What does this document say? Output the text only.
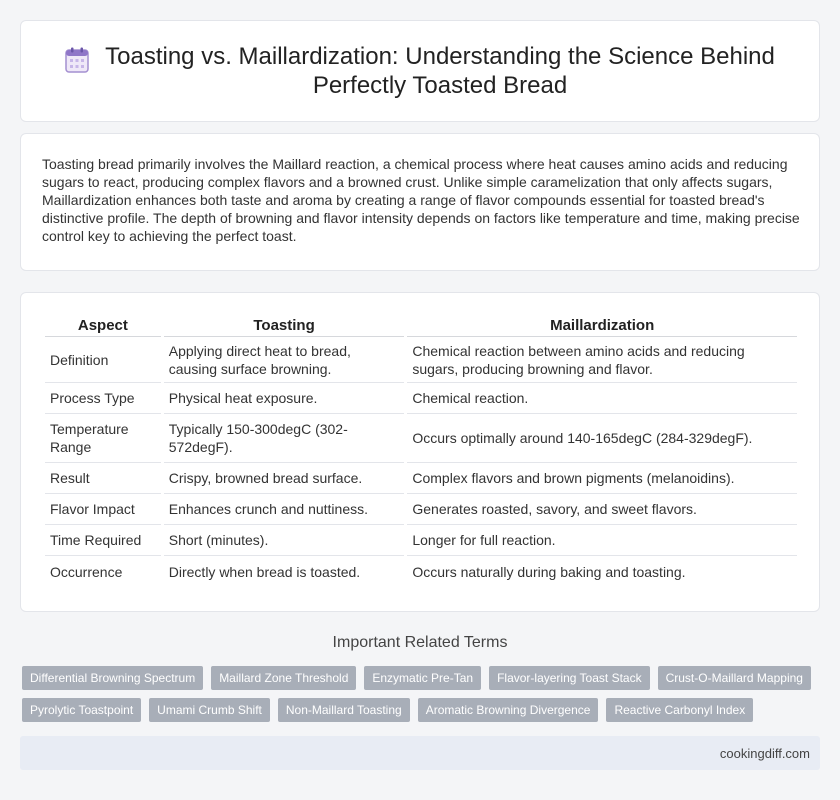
Toasting vs. Maillardization: Understanding the Science Behind Perfectly Toasted Bread

Toasting bread primarily involves the Maillard reaction, a chemical process where heat causes amino acids and reducing sugars to react, producing complex flavors and a browned crust. Unlike simple caramelization that only affects sugars, Maillardization enhances both taste and aroma by creating a range of flavor compounds essential for toasted bread's distinctive profile. The depth of browning and flavor intensity depends on factors like temperature and time, making precise control key to achieving the perfect toast.

Aspect	Toasting	Maillardization
Definition	Applying direct heat to bread, causing surface browning.	Chemical reaction between amino acids and reducing sugars, producing browning and flavor.
Process Type	Physical heat exposure.	Chemical reaction.
Temperature Range	Typically 150-300degC (302-572degF).	Occurs optimally around 140-165degC (284-329degF).
Result	Crispy, browned bread surface.	Complex flavors and brown pigments (melanoidins).
Flavor Impact	Enhances crunch and nuttiness.	Generates roasted, savory, and sweet flavors.
Time Required	Short (minutes).	Longer for full reaction.
Occurrence	Directly when bread is toasted.	Occurs naturally during baking and toasting.
Important Related Terms
Differential Browning Spectrum	Maillard Zone Threshold	Enzymatic Pre-Tan	Flavor-layering Toast Stack	Crust-O-Maillard Mapping
Pyrolytic Toastpoint	Umami Crumb Shift	Non-Maillard Toasting	Aromatic Browning Divergence	Reactive Carbonyl Index
cookingdiff.com
